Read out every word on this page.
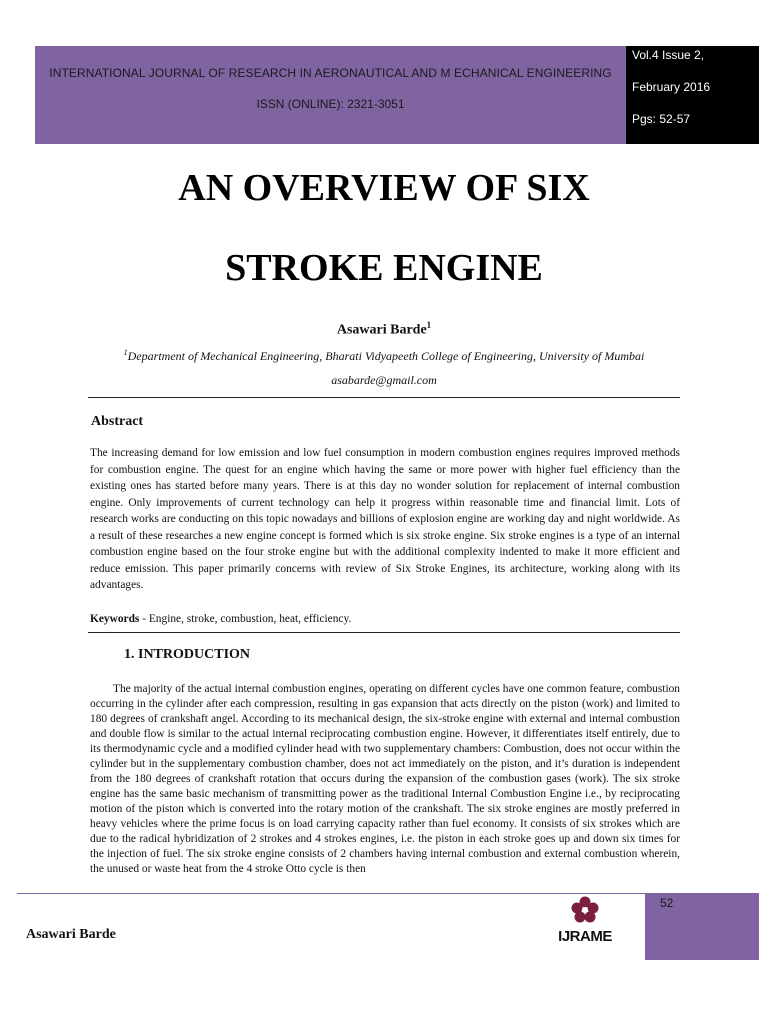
INTERNATIONAL JOURNAL OF RESEARCH IN AERONAUTICAL AND M ECHANICAL ENGINEERING
ISSN (ONLINE): 2321-3051
Vol.4 Issue 2,
February 2016
Pgs: 52-57
AN OVERVIEW OF SIX
STROKE ENGINE
Asawari Barde$^1$
$^1$Department of Mechanical Engineering, Bharati Vidyapeeth College of Engineering, University of Mumbai
asabarde@gmail.com
Abstract
The increasing demand for low emission and low fuel consumption in modern combustion engines requires improved methods for combustion engine. The quest for an engine which having the same or more power with higher fuel efficiency than the existing ones has started before many years. There is at this day no wonder solution for replacement of internal combustion engine. Only improvements of current technology can help it progress within reasonable time and financial limit. Lots of research works are conducting on this topic nowadays and billions of explosion engine are working day and night worldwide. As a result of these researches a new engine concept is formed which is six stroke engine. Six stroke engines is a type of an internal combustion engine based on the four stroke engine but with the additional complexity indented to make it more efficient and reduce emission. This paper primarily concerns with review of Six Stroke Engines, its architecture, working along with its advantages.
Keywords - Engine, stroke, combustion, heat, efficiency.
1. INTRODUCTION

The majority of the actual internal combustion engines, operating on different cycles have one common feature, combustion occurring in the cylinder after each compression, resulting in gas expansion that acts directly on the piston (work) and limited to 180 degrees of crankshaft angel. According to its mechanical design, the six-stroke engine with external and internal combustion and double flow is similar to the actual internal reciprocating combustion engine. However, it differentiates itself entirely, due to its thermodynamic cycle and a modified cylinder head with two supplementary chambers: Combustion, does not occur within the cylinder but in the supplementary combustion chamber, does not act immediately on the piston, and it’s duration is independent from the 180 degrees of crankshaft rotation that occurs during the expansion of the combustion gases (work). The six stroke engine has the same basic mechanism of transmitting power as the traditional Internal Combustion Engine i.e., by reciprocating motion of the piston which is converted into the rotary motion of the crankshaft. The six stroke engines are mostly preferred in heavy vehicles where the prime focus is on load carrying capacity rather than fuel economy. It consists of six strokes which are due to the radical hybridization of 2 strokes and 4 strokes engines, i.e. the piston in each stroke goes up and down six times for the injection of fuel. The six stroke engine consists of 2 chambers having internal combustion and external combustion wherein, the unused or waste heat from the 4 stroke Otto cycle is then

52
Asawari Barde	IJRAME
